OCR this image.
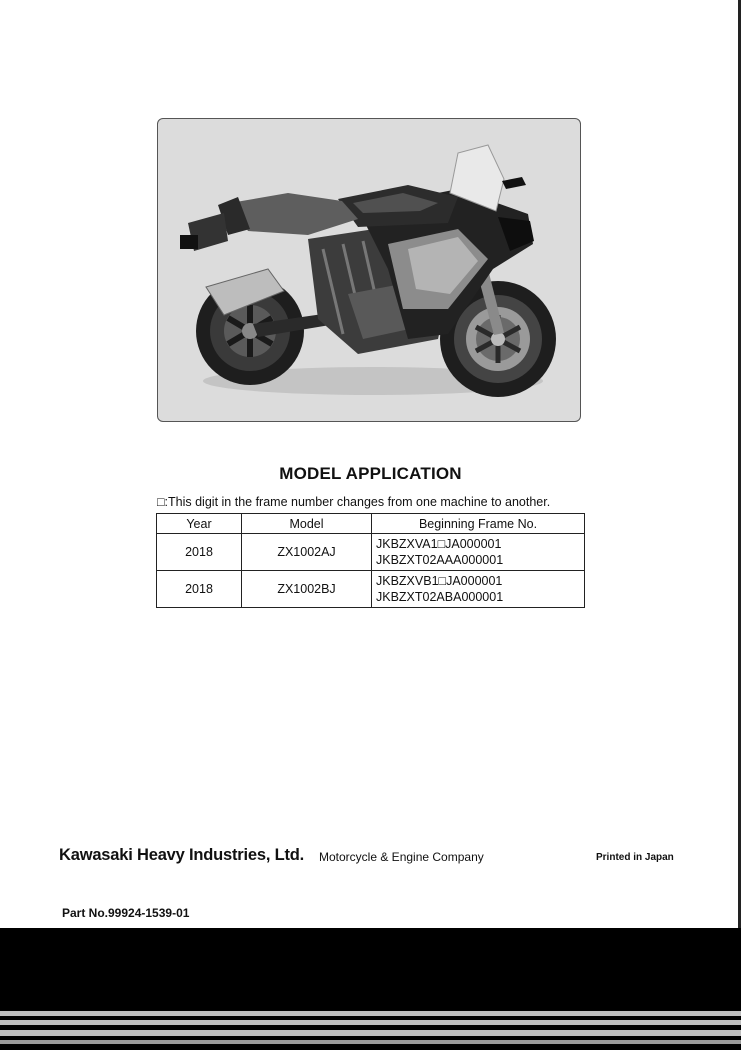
MODEL APPLICATION
□:This digit in the frame number changes from one machine to another.
Year	Model	Beginning Frame No.
2018	ZX1002AJ	JKBZXVA1□JA000001
JKBZXT02AAA000001

2018	ZX1002BJ	JKBZXVB1□JA000001
JKBZXT02ABA000001
Kawasaki Heavy Industries, Ltd. Motorcycle & Engine Company	Printed in Japan
Part No.99924-1539-01
